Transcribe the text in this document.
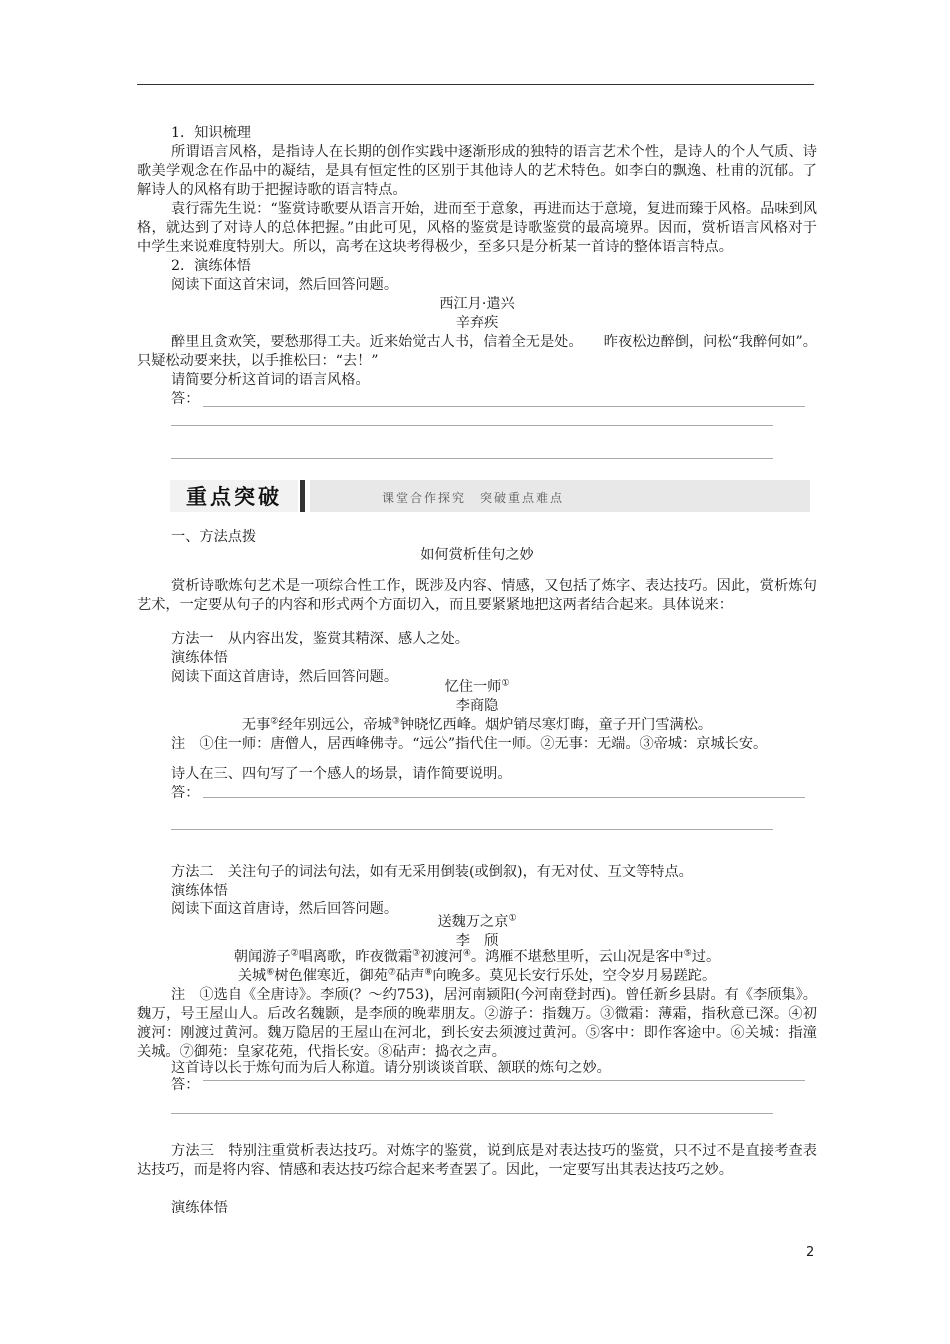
1．知识梳理

所谓语言风格，是指诗人在长期的创作实践中逐渐形成的独特的语言艺术个性，是诗人的个人气质、诗歌美学观念在作品中的凝结，是具有恒定性的区别于其他诗人的艺术特色。如李白的飘逸、杜甫的沉郁。了解诗人的风格有助于把握诗歌的语言特点。

袁行霈先生说：“鉴赏诗歌要从语言开始，进而至于意象，再进而达于意境，复进而臻于风格。品味到风格，就达到了对诗人的总体把握。”由此可见，风格的鉴赏是诗歌鉴赏的最高境界。因而，赏析语言风格对于中学生来说难度特别大。所以，高考在这块考得极少，至多只是分析某一首诗的整体语言特点。

2．演练体悟

阅读下面这首宋词，然后回答问题。

西江月·遣兴

辛弃疾

醉里且贪欢笑，要愁那得工夫。近来始觉古人书，信着全无是处。　　昨夜松边醉倒，问松“我醉何如”。只疑松动要来扶，以手推松曰：“去！”

请简要分析这首词的语言风格。

答：
重点突破	课堂合作探究　突破重点难点

一、方法点拨

如何赏析佳句之妙

赏析诗歌炼句艺术是一项综合性工作，既涉及内容、情感，又包括了炼字、表达技巧。因此，赏析炼句艺术，一定要从句子的内容和形式两个方面切入，而且要紧紧地把这两者结合起来。具体说来：

方法一　从内容出发，鉴赏其精深、感人之处。

演练体悟

阅读下面这首唐诗，然后回答问题。

忆住一师①

李商隐

无事②经年别远公，帝城③钟晓忆西峰。烟炉销尽寒灯晦，童子开门雪满松。

注　①住一师：唐僧人，居西峰佛寺。“远公”指代住一师。②无事：无端。③帝城：京城长安。

诗人在三、四句写了一个感人的场景，请作简要说明。

答：

方法二　关注句子的词法句法，如有无采用倒装(或倒叙)，有无对仗、互文等特点。

演练体悟

阅读下面这首唐诗，然后回答问题。

送魏万之京①

李　颀

朝闻游子②唱离歌，昨夜微霜③初渡河④。鸿雁不堪愁里听，云山况是客中⑤过。

关城⑥树色催寒近，御苑⑦砧声⑧向晚多。莫见长安行乐处，空令岁月易蹉跎。

注　①选自《全唐诗》。李颀(？～约753)，居河南颍阳(今河南登封西)。曾任新乡县尉。有《李颀集》。魏万，号王屋山人。后改名魏颢，是李颀的晚辈朋友。②游子：指魏万。③微霜：薄霜，指秋意已深。④初渡河：刚渡过黄河。魏万隐居的王屋山在河北，到长安去须渡过黄河。⑤客中：即作客途中。⑥关城：指潼关城。⑦御苑：皇家花苑，代指长安。⑧砧声：捣衣之声。

这首诗以长于炼句而为后人称道。请分别谈谈首联、颔联的炼句之妙。

答：

方法三　特别注重赏析表达技巧。对炼字的鉴赏，说到底是对表达技巧的鉴赏，只不过不是直接考查表达技巧，而是将内容、情感和表达技巧综合起来考查罢了。因此，一定要写出其表达技巧之妙。

演练体悟

2
